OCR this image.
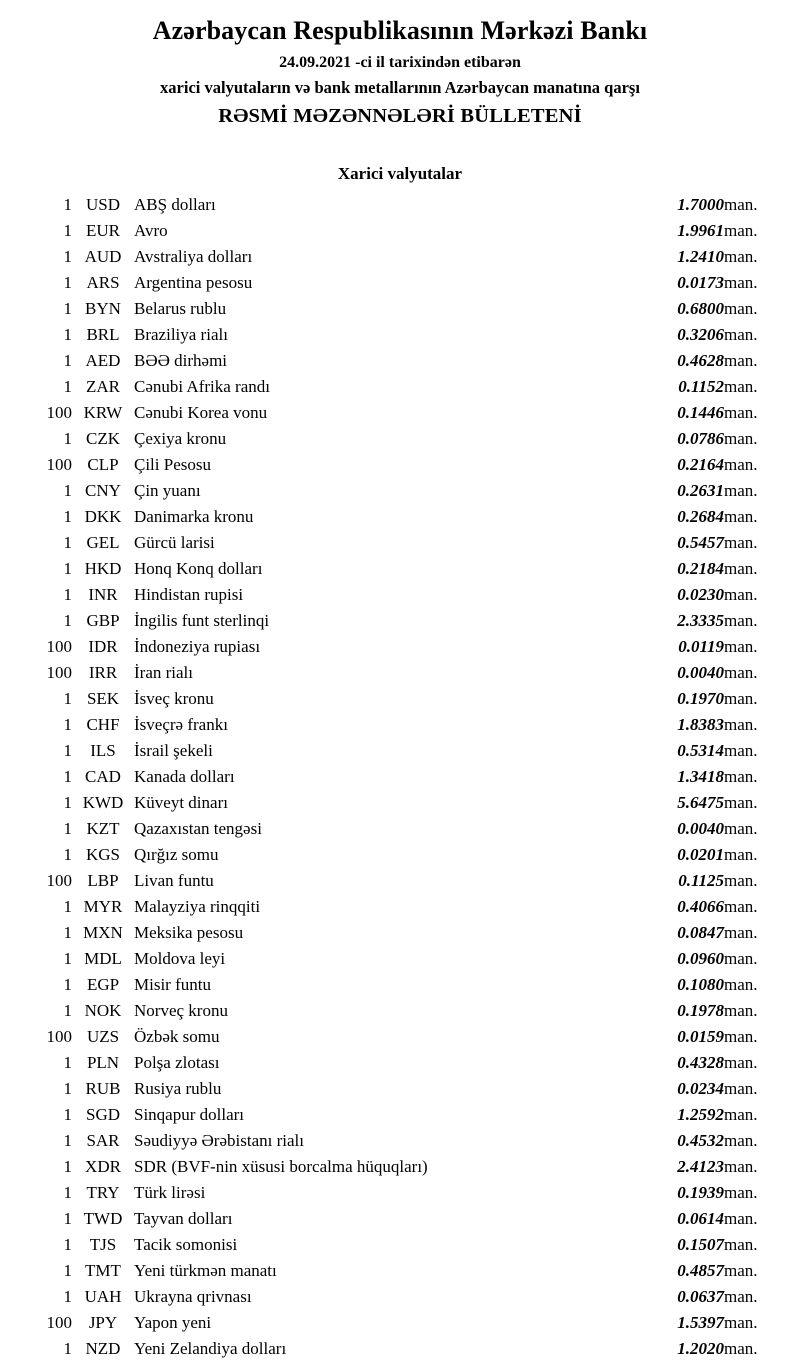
Azərbaycan Respublikasının Mərkəzi Bankı
24.09.2021 -ci il tarixindən etibarən
xarici valyutaların və bank metallarının Azərbaycan manatına qarşı
RƏSMİ MƏZƏNNƏLƏRİ BÜLLETENİ
Xarici valyutalar
1	USD	ABŞ dolları	1.7000	man.
1	EUR	Avro	1.9961	man.
1	AUD	Avstraliya dolları	1.2410	man.
1	ARS	Argentina pesosu	0.0173	man.
1	BYN	Belarus rublu	0.6800	man.
1	BRL	Braziliya rialı	0.3206	man.
1	AED	BƏƏ dirhəmi	0.4628	man.
1	ZAR	Cənubi Afrika randı	0.1152	man.
100	KRW	Cənubi Korea vonu	0.1446	man.
1	CZK	Çexiya kronu	0.0786	man.
100	CLP	Çili Pesosu	0.2164	man.
1	CNY	Çin yuanı	0.2631	man.
1	DKK	Danimarka kronu	0.2684	man.
1	GEL	Gürcü larisi	0.5457	man.
1	HKD	Honq Konq dolları	0.2184	man.
1	INR	Hindistan rupisi	0.0230	man.
1	GBP	İngilis funt sterlinqi	2.3335	man.
100	IDR	İndoneziya rupiası	0.0119	man.
100	IRR	İran rialı	0.0040	man.
1	SEK	İsveç kronu	0.1970	man.
1	CHF	İsveçrə frankı	1.8383	man.
1	ILS	İsrail şekeli	0.5314	man.
1	CAD	Kanada dolları	1.3418	man.
1	KWD	Küveyt dinarı	5.6475	man.
1	KZT	Qazaxıstan tengəsi	0.0040	man.
1	KGS	Qırğız somu	0.0201	man.
100	LBP	Livan funtu	0.1125	man.
1	MYR	Malayziya rinqqiti	0.4066	man.
1	MXN	Meksika pesosu	0.0847	man.
1	MDL	Moldova leyi	0.0960	man.
1	EGP	Misir funtu	0.1080	man.
1	NOK	Norveç kronu	0.1978	man.
100	UZS	Özbək somu	0.0159	man.
1	PLN	Polşa zlotası	0.4328	man.
1	RUB	Rusiya rublu	0.0234	man.
1	SGD	Sinqapur dolları	1.2592	man.
1	SAR	Səudiyyə Ərəbistanı rialı	0.4532	man.
1	XDR	SDR (BVF-nin xüsusi borcalma hüquqları)	2.4123	man.
1	TRY	Türk lirəsi	0.1939	man.
1	TWD	Tayvan dolları	0.0614	man.
1	TJS	Tacik somonisi	0.1507	man.
1	TMT	Yeni türkmən manatı	0.4857	man.
1	UAH	Ukrayna qrivnası	0.0637	man.
100	JPY	Yapon yeni	1.5397	man.
1	NZD	Yeni Zelandiya dolları	1.2020	man.
